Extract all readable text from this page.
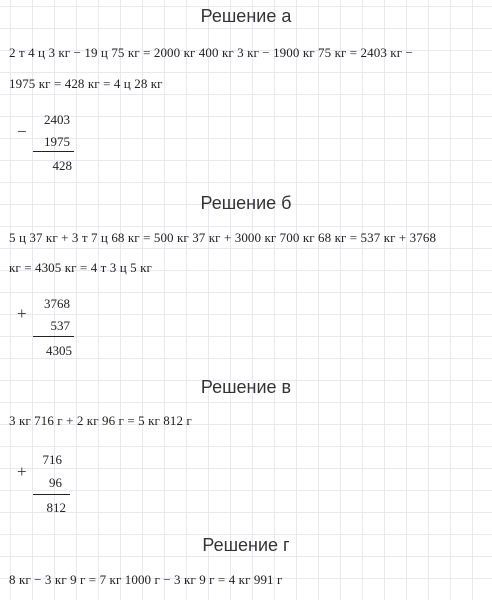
Решение а
2 т 4 ц 3 кг − 19 ц 75 кг = 2000 кг 400 кг 3 кг − 1900 кг 75 кг = 2403 кг −
1975 кг = 428 кг = 4 ц 28 кг
−
2403
1975
428
Решение б
5 ц 37 кг + 3 т 7 ц 68 кг = 500 кг 37 кг + 3000 кг 700 кг 68 кг = 537 кг + 3768
кг = 4305 кг = 4 т 3 ц 5 кг
+
3768
537
4305
Решение в
3 кг 716 г + 2 кг 96 г = 5 кг 812 г
+
716
96
812
Решение г
8 кг − 3 кг 9 г = 7 кг 1000 г − 3 кг 9 г = 4 кг 991 г
